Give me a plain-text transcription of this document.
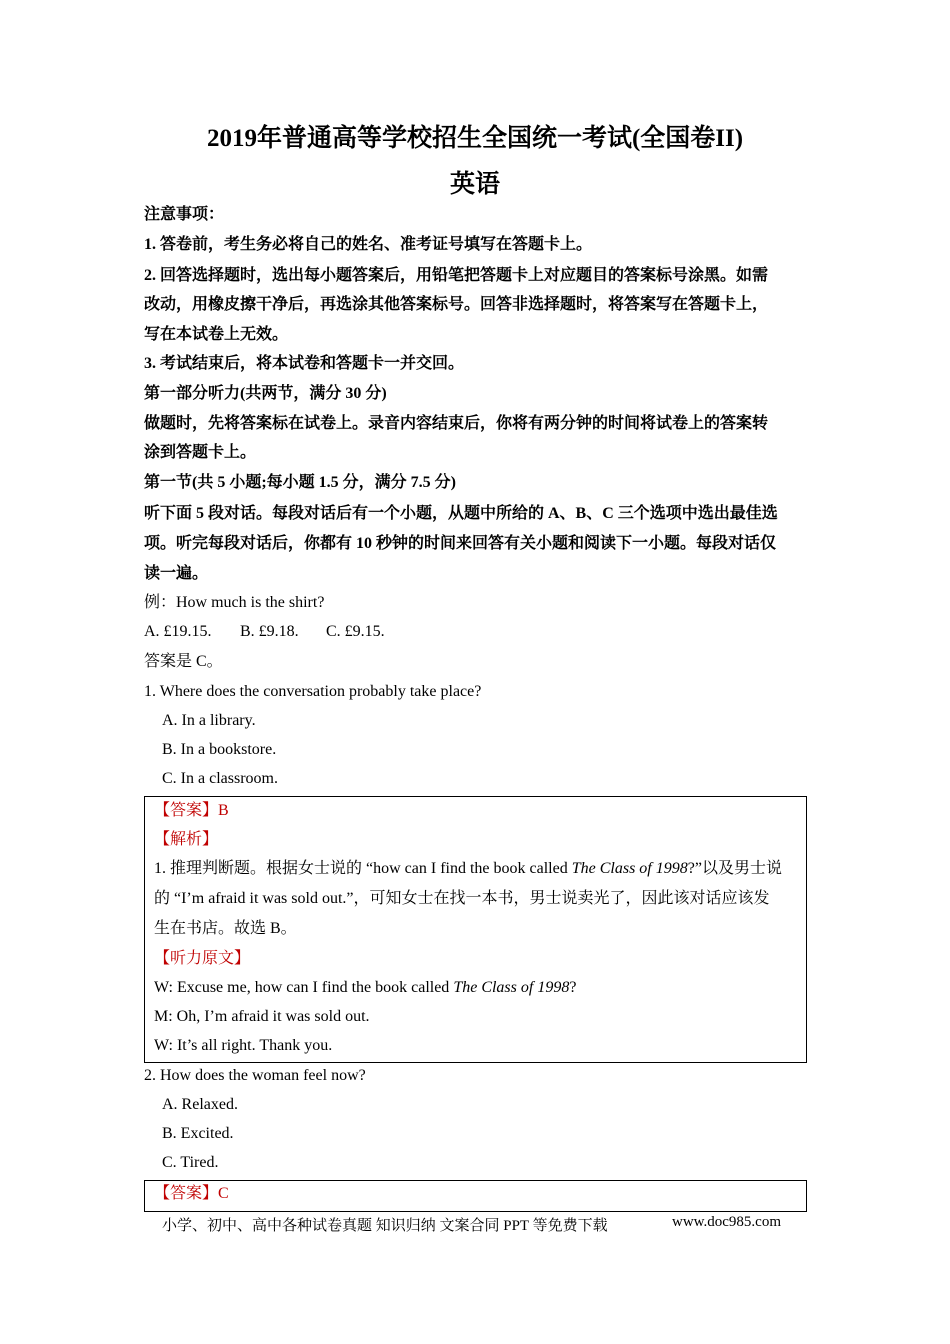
2019年普通高等学校招生全国统一考试(全国卷II)
英语
注意事项：
1. 答卷前，考生务必将自己的姓名、准考证号填写在答题卡上。
2. 回答选择题时，选出每小题答案后，用铅笔把答题卡上对应题目的答案标号涂黑。如需
改动，用橡皮擦干净后，再选涂其他答案标号。回答非选择题时，将答案写在答题卡上，
写在本试卷上无效。
3. 考试结束后，将本试卷和答题卡一并交回。
第一部分听力(共两节，满分 30 分)
做题时，先将答案标在试卷上。录音内容结束后，你将有两分钟的时间将试卷上的答案转
涂到答题卡上。
第一节(共 5 小题;每小题 1.5 分，满分 7.5 分)
听下面 5 段对话。每段对话后有一个小题，从题中所给的 A、B、C 三个选项中选出最佳选
项。听完每段对话后，你都有 10 秒钟的时间来回答有关小题和阅读下一小题。每段对话仅
读一遍。
例：How much is the shirt?
A. £19.15. B. £9.18. C. £9.15.
答案是 C。
1. Where does the conversation probably take place?
A. In a library.
B. In a bookstore.
C. In a classroom.
【答案】B
【解析】
1. 推理判断题。根据女士说的 “how can I find the book called The Class of 1998?”以及男士说
的 “I’m afraid it was sold out.”，可知女士在找一本书，男士说卖光了，因此该对话应该发
生在书店。故选 B。
【听力原文】
W: Excuse me, how can I find the book called The Class of 1998?
M: Oh, I’m afraid it was sold out.
W: It’s all right. Thank you.
2. How does the woman feel now?
A. Relaxed.
B. Excited.
C. Tired.
【答案】C
小学、初中、高中各种试卷真题 知识归纳 文案合同 PPT 等免费下载	www.doc985.com
